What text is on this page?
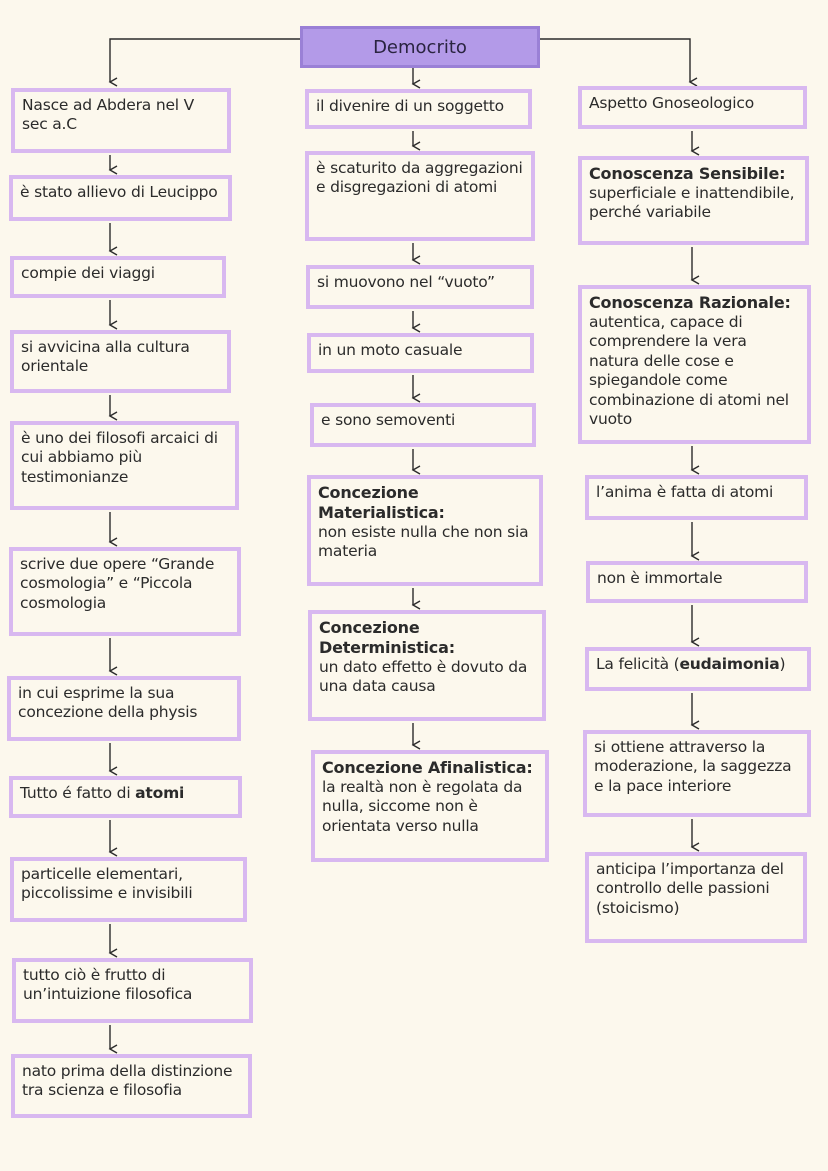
Democrito
Nasce ad Abdera nel V sec a.C
è stato allievo di Leucippo
compie dei viaggi
si avvicina alla cultura orientale
è uno dei filosofi arcaici di cui abbiamo più testimonianze
scrive due opere “Grande cosmologia” e “Piccola cosmologia
in cui esprime la sua concezione della physis
Tutto é fatto di atomi
particelle elementari, piccolissime e invisibili
tutto ciò è frutto di un’intuizione filosofica
nato prima della distinzione tra scienza e filosofia
il divenire di un soggetto
è scaturito da aggregazioni e disgregazioni di atomi
si muovono nel “vuoto”
in un moto casuale
e sono semoventi
Concezione Materialistica:
non esiste nulla che non sia materia
Concezione Deterministica:
un dato effetto è dovuto da una data causa
Concezione Afinalistica:
la realtà non è regolata da nulla, siccome non è orientata verso nulla
Aspetto Gnoseologico
Conoscenza Sensibile:
superficiale e inattendibile, perché variabile
Conoscenza Razionale:
autentica, capace di comprendere la vera natura delle cose e spiegandole come combinazione di atomi nel vuoto
l’anima è fatta di atomi
non è immortale
La felicità (eudaimonia)
si ottiene attraverso la moderazione, la saggezza e la pace interiore
anticipa l’importanza del controllo delle passioni (stoicismo)
